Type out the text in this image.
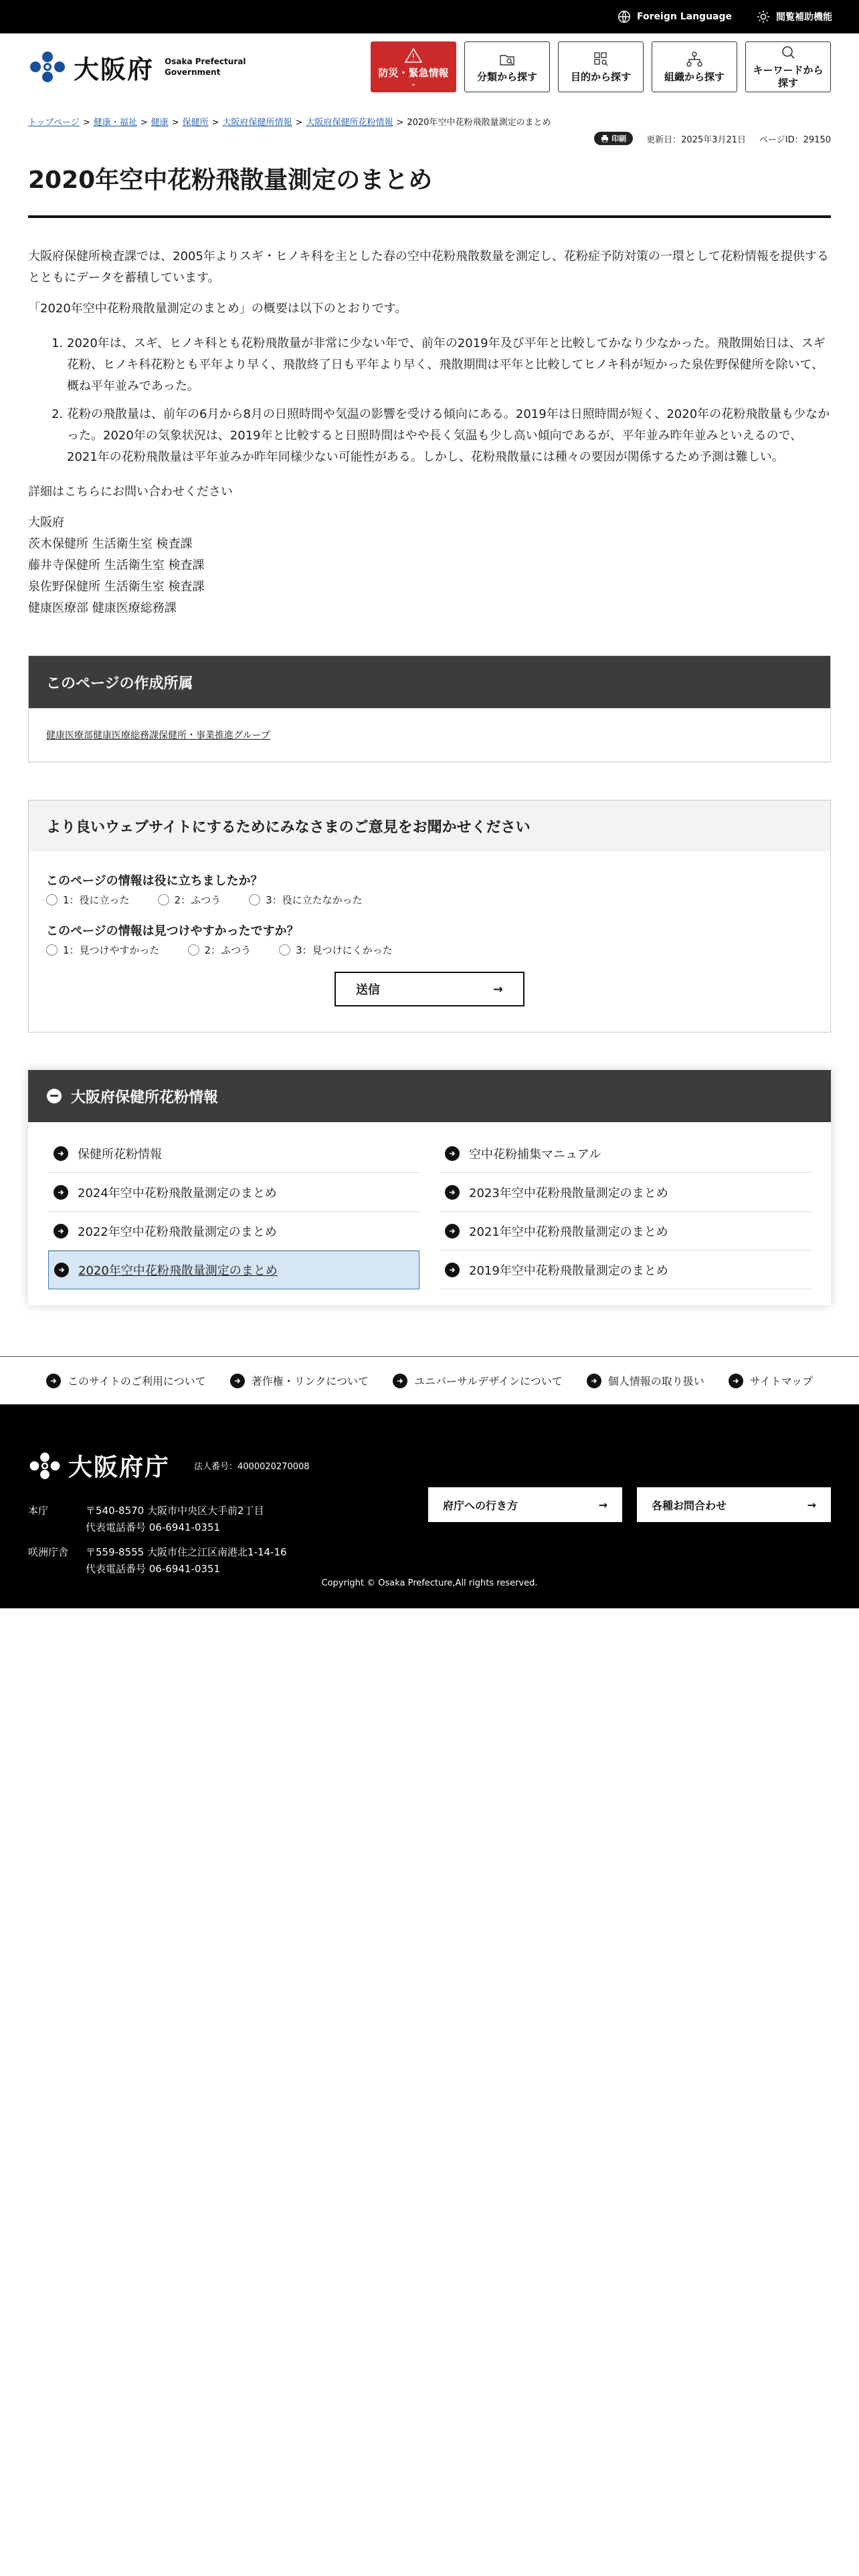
Foreign Language	閲覧補助機能
大阪府 Osaka Prefectural
Government	防災・緊急情報
⌄
分類から探す	目的から探す	組織から探す
キーワードから
探す
トップページ > 健康・福祉 > 健康 > 保健所 > 大阪府保健所情報 > 大阪府保健所花粉情報 > 2020年空中花粉飛散量測定のまとめ
印刷 更新日：2025年3月21日 ページID：29150
2020年空中花粉飛散量測定のまとめ

大阪府保健所検査課では、2005年よりスギ・ヒノキ科を主とした春の空中花粉飛散数量を測定し、花粉症予防対策の一環として花粉情報を提供するとともにデータを蓄積しています。

「2020年空中花粉飛散量測定のまとめ」の概要は以下のとおりです。

1. 2020年は、スギ、ヒノキ科とも花粉飛散量が非常に少ない年で、前年の2019年及び平年と比較してかなり少なかった。飛散開始日は、スギ花粉、ヒノキ科花粉とも平年より早く、飛散終了日も平年より早く、飛散期間は平年と比較してヒノキ科が短かった泉佐野保健所を除いて、概ね平年並みであった。
2. 花粉の飛散量は、前年の6月から8月の日照時間や気温の影響を受ける傾向にある。2019年は日照時間が短く、2020年の花粉飛散量も少なかった。2020年の気象状況は、2019年と比較すると日照時間はやや長く気温も少し高い傾向であるが、平年並み昨年並みといえるので、2021年の花粉飛散量は平年並みか昨年同様少ない可能性がある。しかし、花粉飛散量には種々の要因が関係するため予測は難しい。

詳細はこちらにお問い合わせください

大阪府
茨木保健所 生活衛生室 検査課
藤井寺保健所 生活衛生室 検査課
泉佐野保健所 生活衛生室 検査課
健康医療部 健康医療総務課
このページの作成所属
健康医療部健康医療総務課保健所・事業推進グループ
より良いウェブサイトにするためにみなさまのご意見をお聞かせください
このページの情報は役に立ちましたか？
1：役に立った	2：ふつう	3：役に立たなかった
このページの情報は見つけやすかったですか？
1：見つけやすかった	2：ふつう	3：見つけにくかった
送信	→
大阪府保健所花粉情報
保健所花粉情報
2024年空中花粉飛散量測定のまとめ
2022年空中花粉飛散量測定のまとめ
2020年空中花粉飛散量測定のまとめ
空中花粉捕集マニュアル
2023年空中花粉飛散量測定のまとめ
2021年空中花粉飛散量測定のまとめ
2019年空中花粉飛散量測定のまとめ
このサイトのご利用について	著作権・リンクについて	ユニバーサルデザインについて	個人情報の取り扱い	サイトマップ
大阪府庁	法人番号：4000020270008
本庁	〒540-8570 大阪市中央区大手前2丁目
代表電話番号 06-6941-0351
咲洲庁舎 〒559-8555 大阪市住之江区南港北1-14-16
代表電話番号 06-6941-0351
府庁への行き方	→	各種お問合わせ	→
Copyright © Osaka Prefecture,All rights reserved.
